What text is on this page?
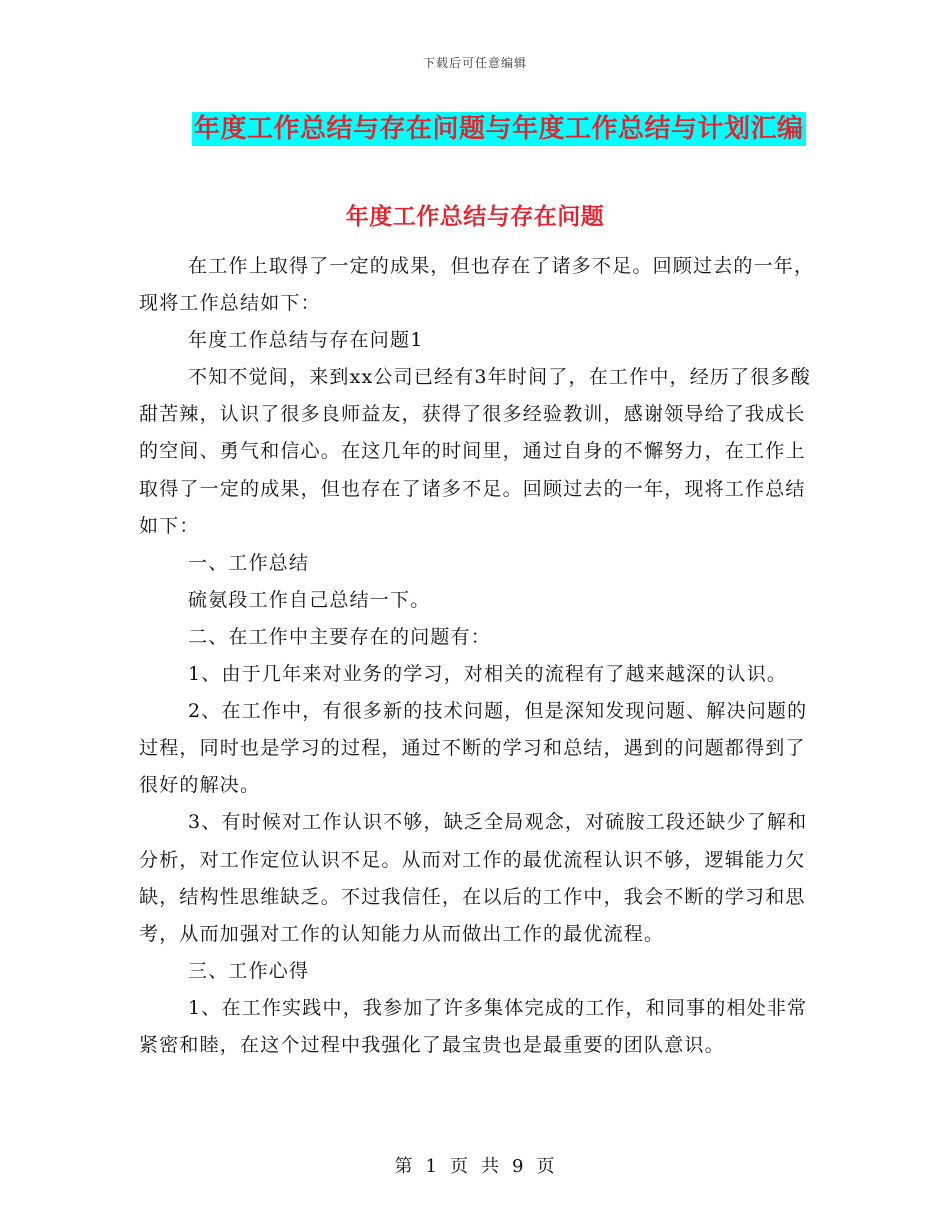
下载后可任意编辑
年度工作总结与存在问题与年度工作总结与计划汇编
年度工作总结与存在问题

在工作上取得了一定的成果，但也存在了诸多不足。回顾过去的一年，现将工作总结如下：

年度工作总结与存在问题1

不知不觉间，来到xx公司已经有3年时间了，在工作中，经历了很多酸甜苦辣，认识了很多良师益友，获得了很多经验教训，感谢领导给了我成长的空间、勇气和信心。在这几年的时间里，通过自身的不懈努力，在工作上取得了一定的成果，但也存在了诸多不足。回顾过去的一年，现将工作总结如下：

一、工作总结

硫氨段工作自己总结一下。

二、在工作中主要存在的问题有：

1、由于几年来对业务的学习，对相关的流程有了越来越深的认识。

2、在工作中，有很多新的技术问题，但是深知发现问题、解决问题的过程，同时也是学习的过程，通过不断的学习和总结，遇到的问题都得到了很好的解决。

3、有时候对工作认识不够，缺乏全局观念，对硫胺工段还缺少了解和分析，对工作定位认识不足。从而对工作的最优流程认识不够，逻辑能力欠缺，结构性思维缺乏。不过我信任，在以后的工作中，我会不断的学习和思考，从而加强对工作的认知能力从而做出工作的最优流程。

三、工作心得

1、在工作实践中，我参加了许多集体完成的工作，和同事的相处非常紧密和睦，在这个过程中我强化了最宝贵也是最重要的团队意识。

第 1 页 共 9 页
